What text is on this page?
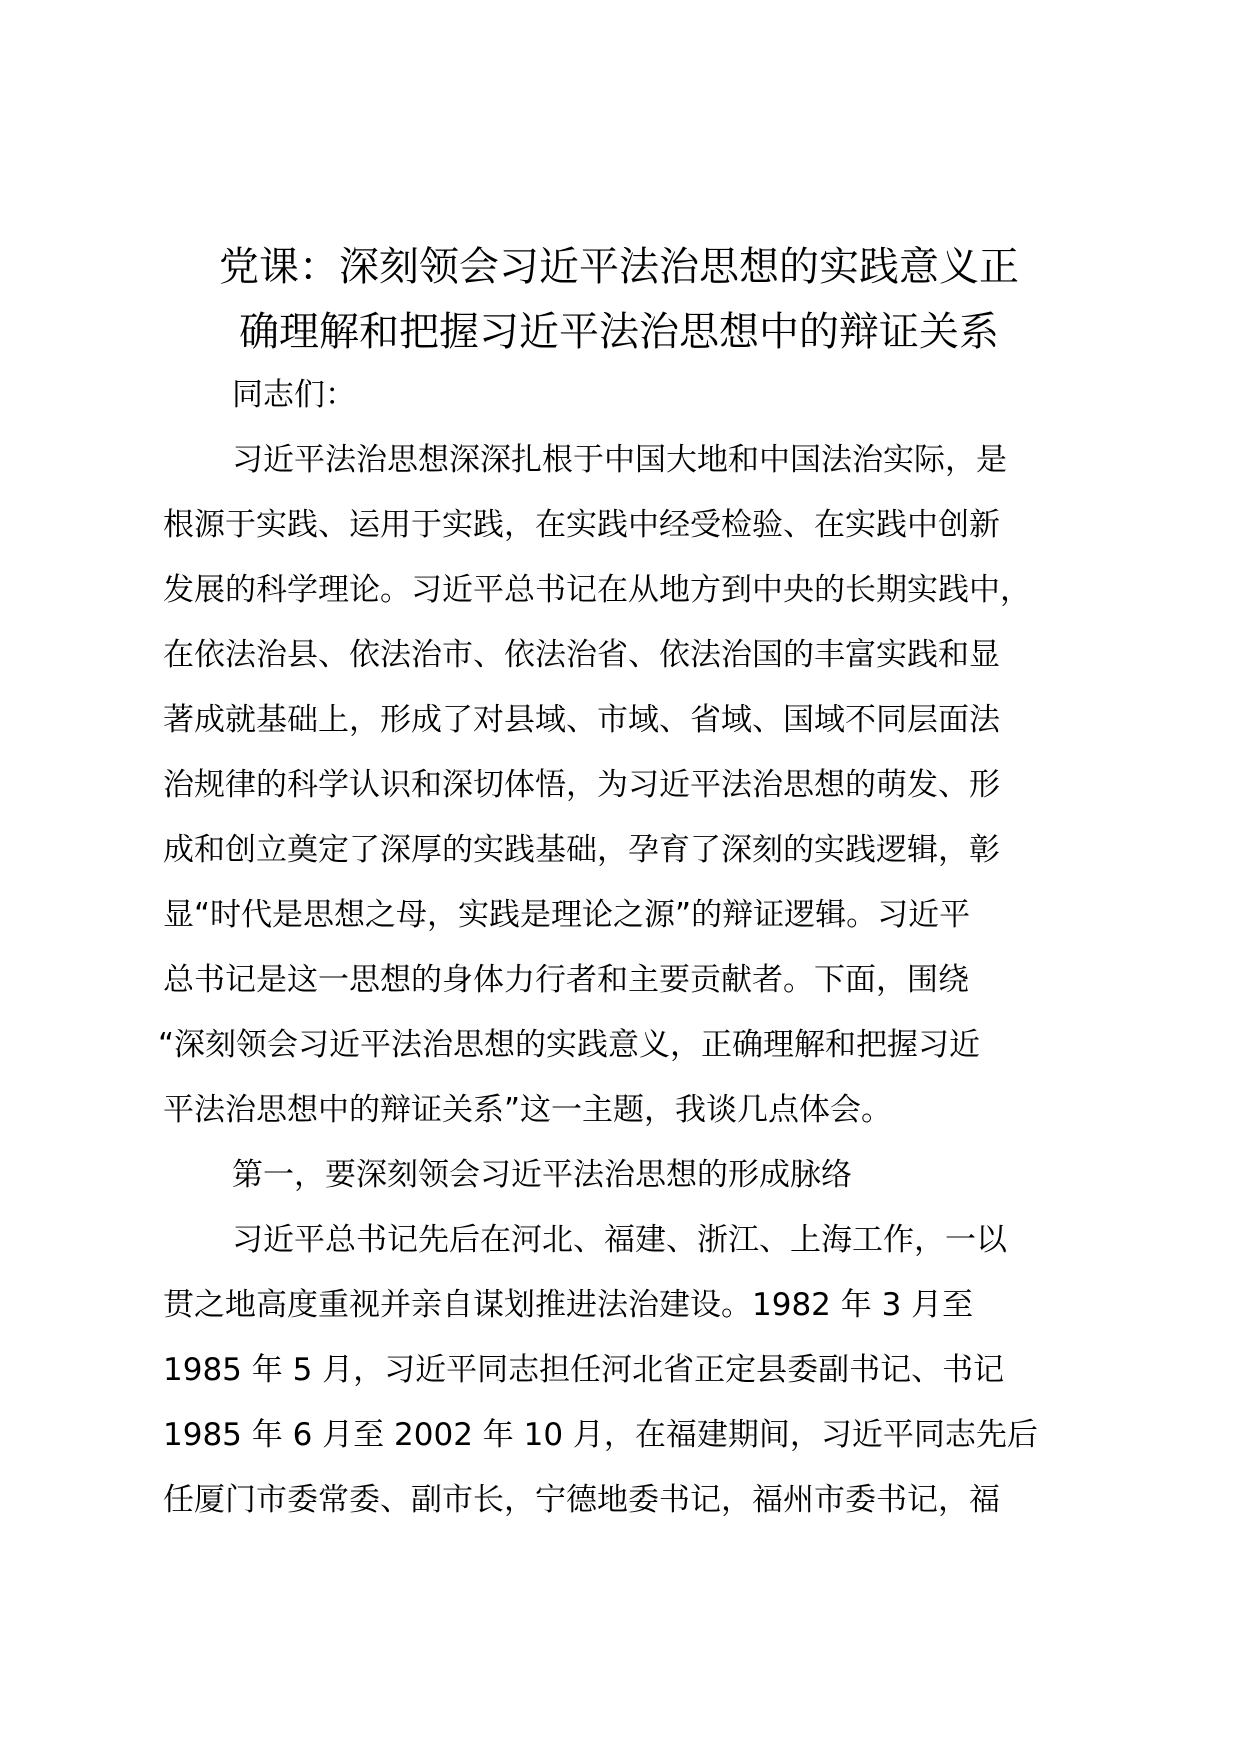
党课：深刻领会习近平法治思想的实践意义正
确理解和把握习近平法治思想中的辩证关系

同志们：

习近平法治思想深深扎根于中国大地和中国法治实际，是

根源于实践、运用于实践，在实践中经受检验、在实践中创新

发展的科学理论。习近平总书记在从地方到中央的长期实践中，

在依法治县、依法治市、依法治省、依法治国的丰富实践和显

著成就基础上，形成了对县域、市域、省域、国域不同层面法

治规律的科学认识和深切体悟，为习近平法治思想的萌发、形

成和创立奠定了深厚的实践基础，孕育了深刻的实践逻辑，彰

显“时代是思想之母，实践是理论之源”的辩证逻辑。习近平

总书记是这一思想的身体力行者和主要贡献者。下面，围绕

“深刻领会习近平法治思想的实践意义，正确理解和把握习近

平法治思想中的辩证关系”这一主题，我谈几点体会。

第一，要深刻领会习近平法治思想的形成脉络

习近平总书记先后在河北、福建、浙江、上海工作，一以

贯之地高度重视并亲自谋划推进法治建设。1982 年 3 月至

1985 年 5 月，习近平同志担任河北省正定县委副书记、书记

1985 年 6 月至 2002 年 10 月，在福建期间，习近平同志先后

任厦门市委常委、副市长，宁德地委书记，福州市委书记，福
